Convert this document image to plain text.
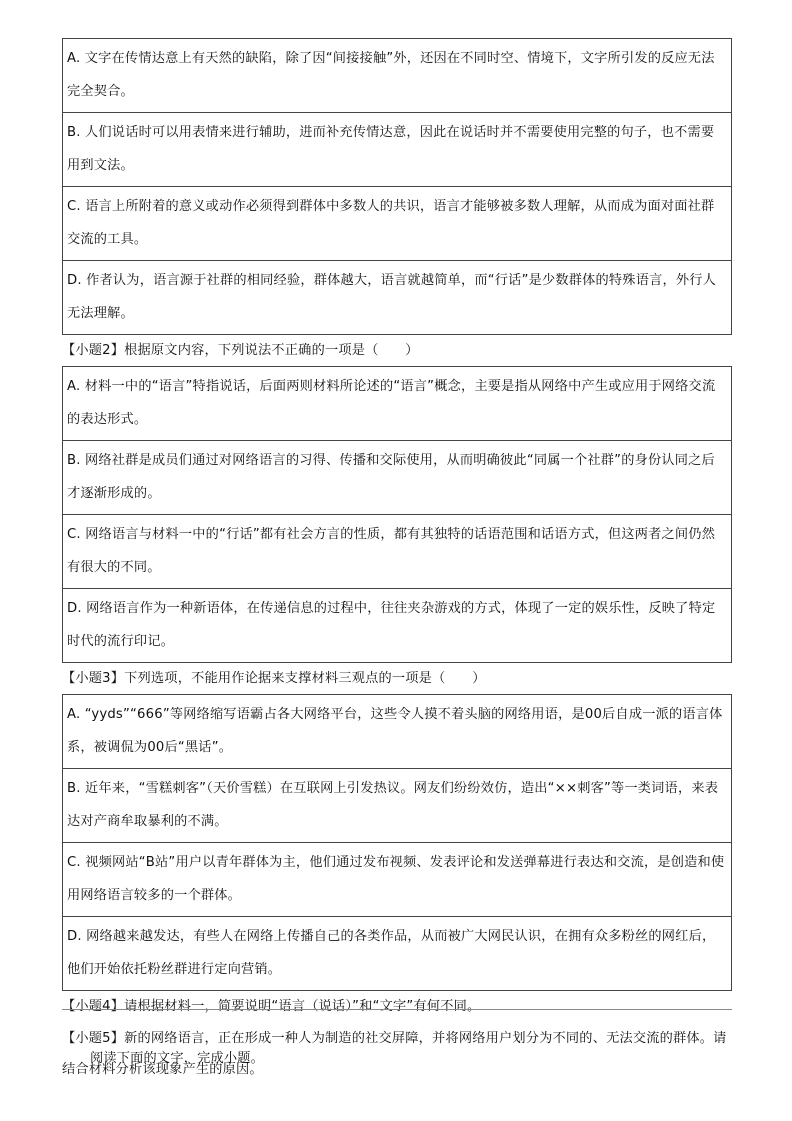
A. 文字在传情达意上有天然的缺陷，除了因“间接接触”外，还因在不同时空、情境下，文字所引发的反应无法完全契合。
B. 人们说话时可以用表情来进行辅助，进而补充传情达意，因此在说话时并不需要使用完整的句子，也不需要用到文法。
C. 语言上所附着的意义或动作必须得到群体中多数人的共识，语言才能够被多数人理解，从而成为面对面社群交流的工具。
D. 作者认为，语言源于社群的相同经验，群体越大，语言就越简单，而“行话”是少数群体的特殊语言，外行人无法理解。
【小题2】根据原文内容，下列说法不正确的一项是（　　）
A. 材料一中的“语言”特指说话，后面两则材料所论述的“语言”概念，主要是指从网络中产生或应用于网络交流的表达形式。
B. 网络社群是成员们通过对网络语言的习得、传播和交际使用，从而明确彼此“同属一个社群”的身份认同之后才逐渐形成的。
C. 网络语言与材料一中的“行话”都有社会方言的性质，都有其独特的话语范围和话语方式，但这两者之间仍然有很大的不同。
D. 网络语言作为一种新语体，在传递信息的过程中，往往夹杂游戏的方式，体现了一定的娱乐性，反映了特定时代的流行印记。
【小题3】下列选项，不能用作论据来支撑材料三观点的一项是（　　）
A. “yyds”“666”等网络缩写语霸占各大网络平台，这些令人摸不着头脑的网络用语，是00后自成一派的语言体系，被调侃为00后“黑话”。
B. 近年来，“雪糕刺客”（天价雪糕）在互联网上引发热议。网友们纷纷效仿，造出“××刺客”等一类词语，来表达对产商牟取暴利的不满。
C. 视频网站“B站”用户以青年群体为主，他们通过发布视频、发表评论和发送弹幕进行表达和交流，是创造和使用网络语言较多的一个群体。
D. 网络越来越发达，有些人在网络上传播自己的各类作品，从而被广大网民认识，在拥有众多粉丝的网红后，他们开始依托粉丝群进行定向营销。
【小题4】请根据材料一，简要说明“语言（说话）”和“文字”有何不同。
【小题5】新的网络语言，正在形成一种人为制造的社交屏障，并将网络用户划分为不同的、无法交流的群体。请结合材料分析该现象产生的原因。
阅读下面的文字，完成小题。
